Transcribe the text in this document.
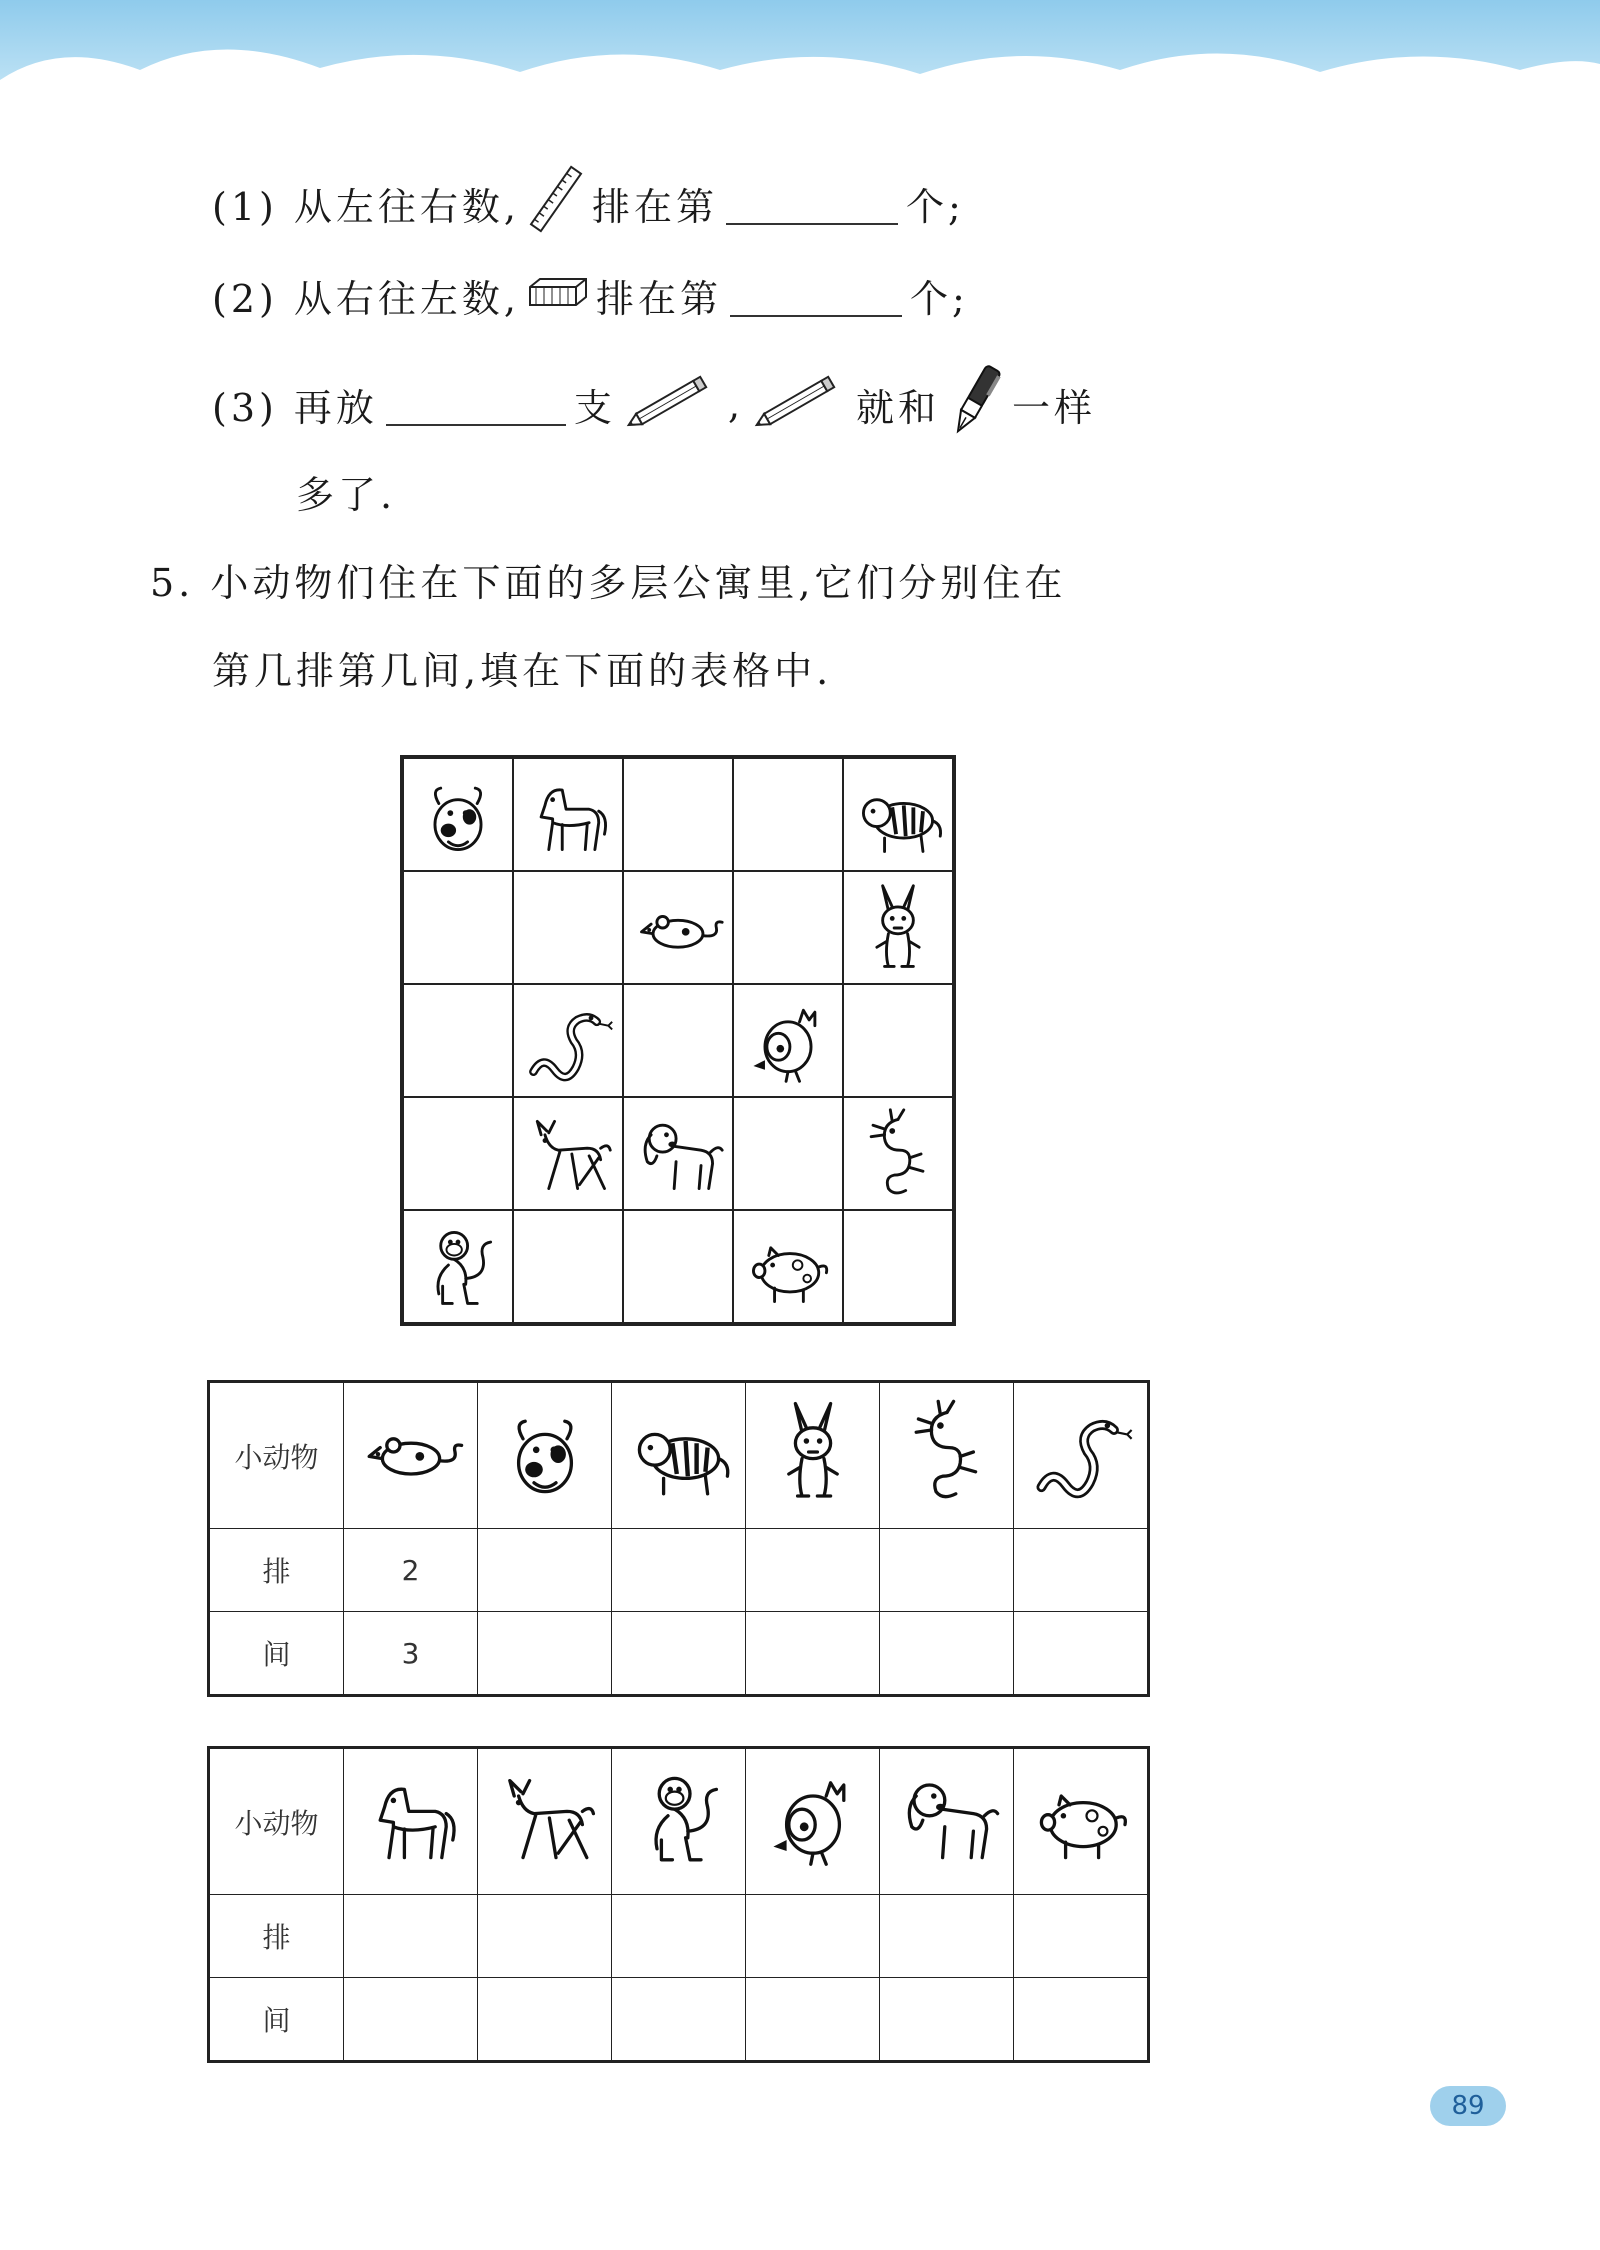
(1) 从左往右数, 排在第	个;
(2) 从右往左数, 排在第	个;
(3) 再放	支	,	就和 一样
多了.
5. 小动物们住在下面的多层公寓里,它们分别住在
第几排第几间,填在下面的表格中.
小动物						
排	2					
间	3					
小动物						
排						
间						
89
